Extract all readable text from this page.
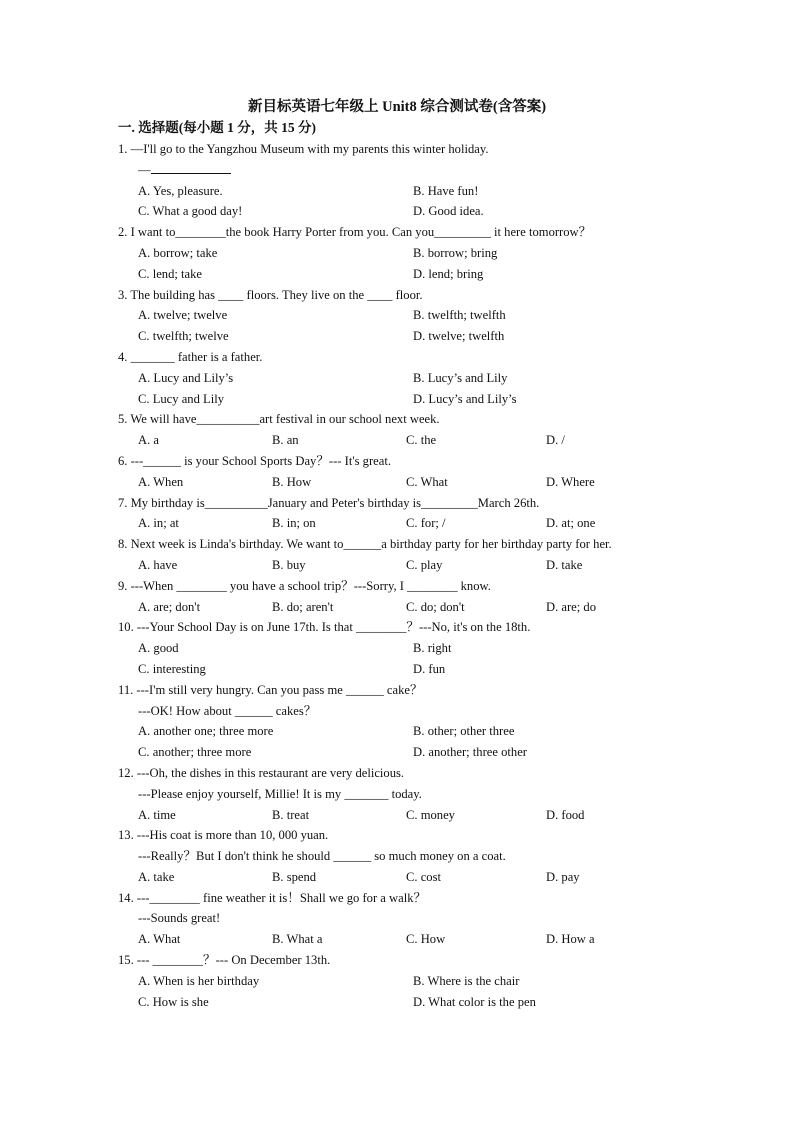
新目标英语七年级上 Unit8 综合测试卷(含答案)
一. 选择题(每小题 1 分，共 15 分)
1. —I'll go to the Yangzhou Museum with my parents this winter holiday.
—
A. Yes, pleasure.	B. Have fun!
C. What a good day!	D. Good idea.
2. I want to________the book Harry Porter from you. Can you_________ it here tomorrow？
A. borrow; take	B. borrow; bring
C. lend; take	D. lend; bring
3. The building has ____ floors. They live on the ____ floor.
A. twelve; twelve	B. twelfth; twelfth
C. twelfth; twelve	D. twelve; twelfth
4. _______ father is a father.
A. Lucy and Lily’s	B. Lucy’s and Lily
C. Lucy and Lily	D. Lucy’s and Lily’s
5. We will have__________art festival in our school next week.
A. a	B. an	C. the	D. /
6. ---______ is your School Sports Day？--- It's great.
A. When	B. How	C. What	D. Where
7. My birthday is__________January and Peter's birthday is_________March 26th.
A. in; at	B. in; on	C. for; /	D. at; one
8. Next week is Linda's birthday. We want to______a birthday party for her birthday party for her.
A. have	B. buy	C. play	D. take
9. ---When ________ you have a school trip？---Sorry, I ________ know.
A. are; don't	B. do; aren't	C. do; don't	D. are; do
10. ---Your School Day is on June 17th. Is that ________？---No, it's on the 18th.
A. good	B. right
C. interesting	D. fun
11. ---I'm still very hungry. Can you pass me ______ cake？
---OK! How about ______ cakes？
A. another one; three more	B. other; other three
C. another; three more	D. another; three other
12. ---Oh, the dishes in this restaurant are very delicious.
---Please enjoy yourself, Millie! It is my _______ today.
A. time	B. treat	C. money	D. food
13. ---His coat is more than 10, 000 yuan.
---Really？But I don't think he should ______ so much money on a coat.
A. take	B. spend	C. cost	D. pay
14. ---________ fine weather it is！Shall we go for a walk？
---Sounds great!
A. What	B. What a	C. How	D. How a
15. --- ________？--- On December 13th.
A. When is her birthday	B. Where is the chair
C. How is she	D. What color is the pen
